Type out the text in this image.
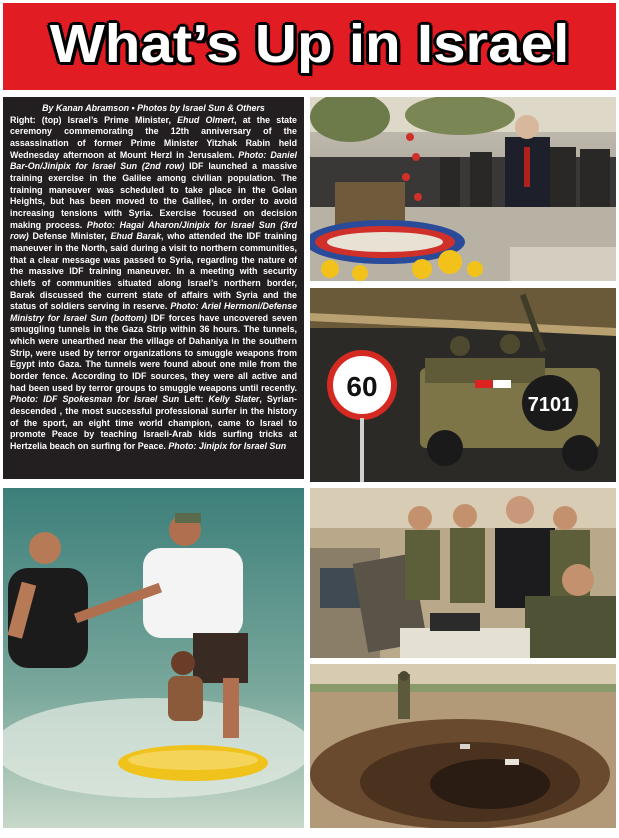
What’s Up in Israel
By Kanan Abramson • Photos by Israel Sun & Others
Right: (top) Israel’s Prime Minister, Ehud Olmert, at the state ceremony commemorating the 12th anniversary of the assassination of former Prime Minister Yitzhak Rabin held Wednesday afternoon at Mount Herzl in Jerusalem. Photo: Daniel Bar-On/Jinipix for Israel Sun (2nd row) IDF launched a massive training exercise in the Galilee among civilian population. The training maneuver was scheduled to take place in the Golan Heights, but has been moved to the Galilee, in order to avoid increasing tensions with Syria. Exercise focused on decision making process. Photo: Hagai Aharon/Jinipix for Israel Sun (3rd row) Defense Minister, Ehud Barak, who attended the IDF training maneuver in the North, said during a visit to northern communities, that a clear message was passed to Syria, regarding the nature of the massive IDF training maneuver. In a meeting with security chiefs of communities situated along Israel’s northern border, Barak discussed the current state of affairs with Syria and the status of soldiers serving in reserve. Photo: Ariel Hermoni/Defense Ministry for Israel Sun (bottom) IDF forces have uncovered seven smuggling tunnels in the Gaza Strip within 36 hours. The tunnels, which were unearthed near the village of Dahaniya in the southern Strip, were used by terror organizations to smuggle weapons from Egypt into Gaza. The tunnels were found about one mile from the border fence. According to IDF sources, they were all active and had been used by terror groups to smuggle weapons until recently. Photo: IDF Spokesman for Israel Sun Left: Kelly Slater, Syrian-descended , the most successful professional surfer in the history of the sport, an eight time world champion, came to Israel to promote Peace by teaching Israeli-Arab kids surfing tricks at Hertzelia beach on surfing for Peace. Photo: Jinipix for Israel Sun
60
7101
